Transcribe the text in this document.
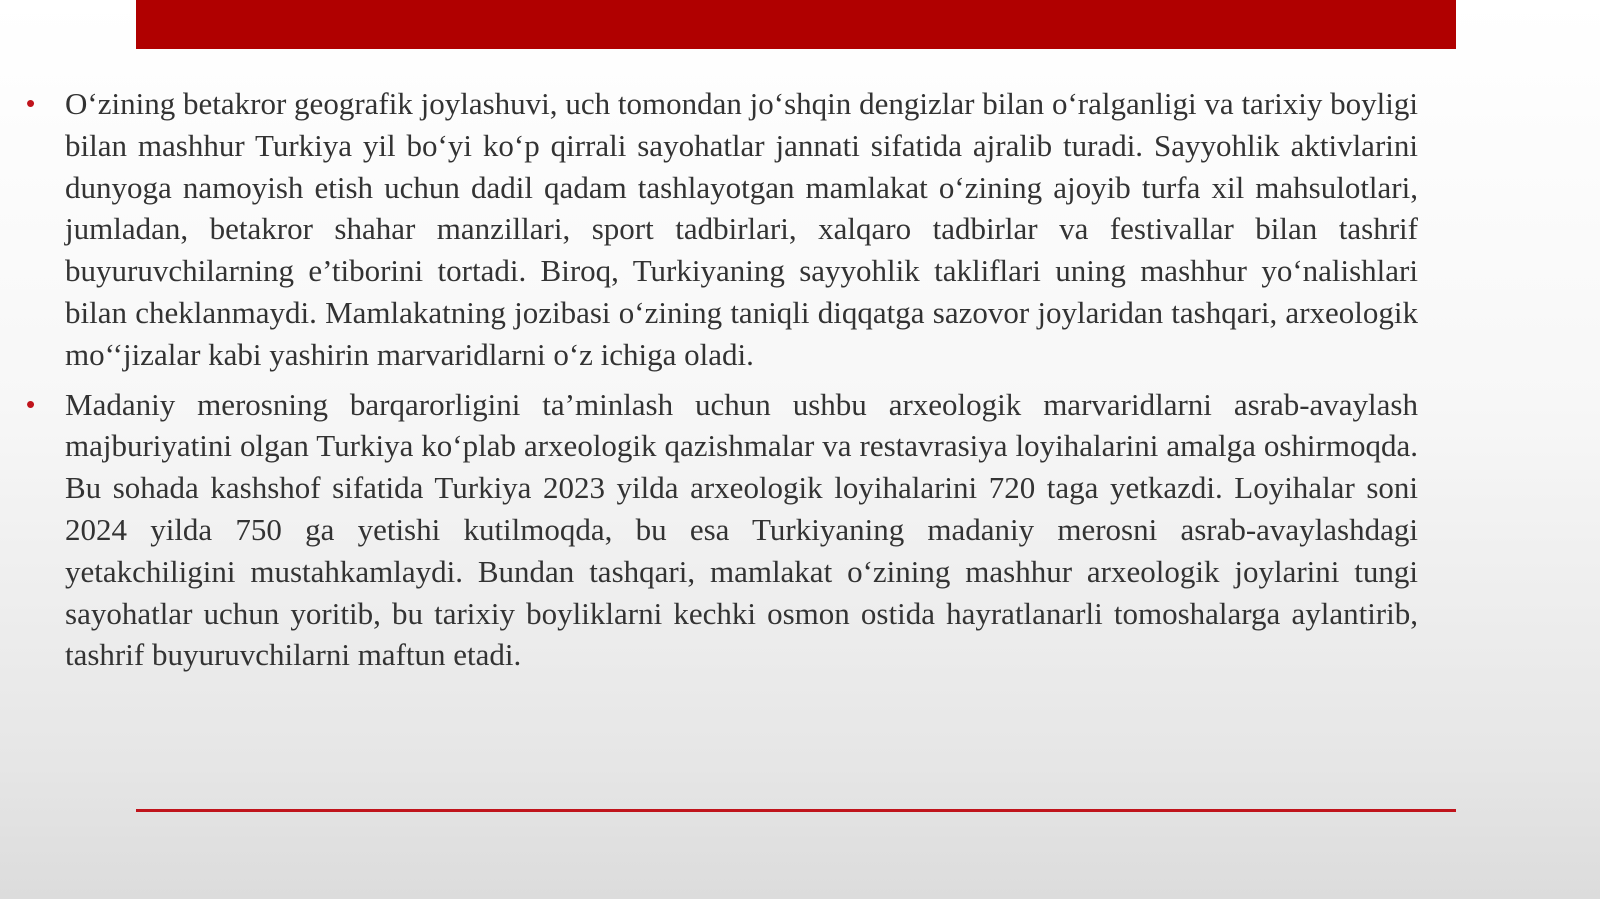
• O‘zining betakror geografik joylashuvi, uch tomondan jo‘shqin dengizlar bilan o‘ralganligi va tarixiy boyligi bilan mashhur Turkiya yil bo‘yi ko‘p qirrali sayohatlar jannati sifatida ajralib turadi. Sayyohlik aktivlarini dunyoga namoyish etish uchun dadil qadam tashlayotgan mamlakat o‘zining ajoyib turfa xil mahsulotlari, jumladan, betakror shahar manzillari, sport tadbirlari, xalqaro tadbirlar va festivallar bilan tashrif buyuruvchilarning e’tiborini tortadi. Biroq, Turkiyaning sayyohlik takliflari uning mashhur yo‘nalishlari bilan cheklanmaydi. Mamlakatning jozibasi o‘zining taniqli diqqatga sazovor joylaridan tashqari, arxeologik mo‘‘jizalar kabi yashirin marvaridlarni o‘z ichiga oladi.

• Madaniy merosning barqarorligini ta’minlash uchun ushbu arxeologik marvaridlarni asrab-avaylash majburiyatini olgan Turkiya ko‘plab arxeologik qazishmalar va restavrasiya loyihalarini amalga oshirmoqda. Bu sohada kashshof sifatida Turkiya 2023 yilda arxeologik loyihalarini 720 taga yetkazdi. Loyihalar soni 2024 yilda 750 ga yetishi kutilmoqda, bu esa Turkiyaning madaniy merosni asrab-avaylashdagi yetakchiligini mustahkamlaydi. Bundan tashqari, mamlakat o‘zining mashhur arxeologik joylarini tungi sayohatlar uchun yoritib, bu tarixiy boyliklarni kechki osmon ostida hayratlanarli tomoshalarga aylantirib, tashrif buyuruvchilarni maftun etadi.
